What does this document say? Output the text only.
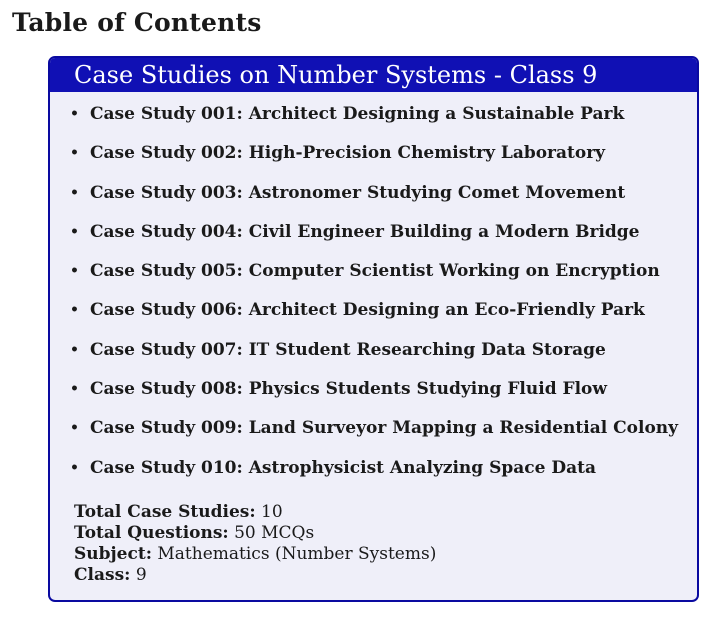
Table of Contents
Case Studies on Number Systems - Class 9
• Case Study 001: Architect Designing a Sustainable Park
• Case Study 002: High-Precision Chemistry Laboratory
• Case Study 003: Astronomer Studying Comet Movement
• Case Study 004: Civil Engineer Building a Modern Bridge
• Case Study 005: Computer Scientist Working on Encryption
• Case Study 006: Architect Designing an Eco-Friendly Park
• Case Study 007: IT Student Researching Data Storage
• Case Study 008: Physics Students Studying Fluid Flow
• Case Study 009: Land Surveyor Mapping a Residential Colony
• Case Study 010: Astrophysicist Analyzing Space Data
Total Case Studies: 10
Total Questions: 50 MCQs
Subject: Mathematics (Number Systems)
Class: 9
